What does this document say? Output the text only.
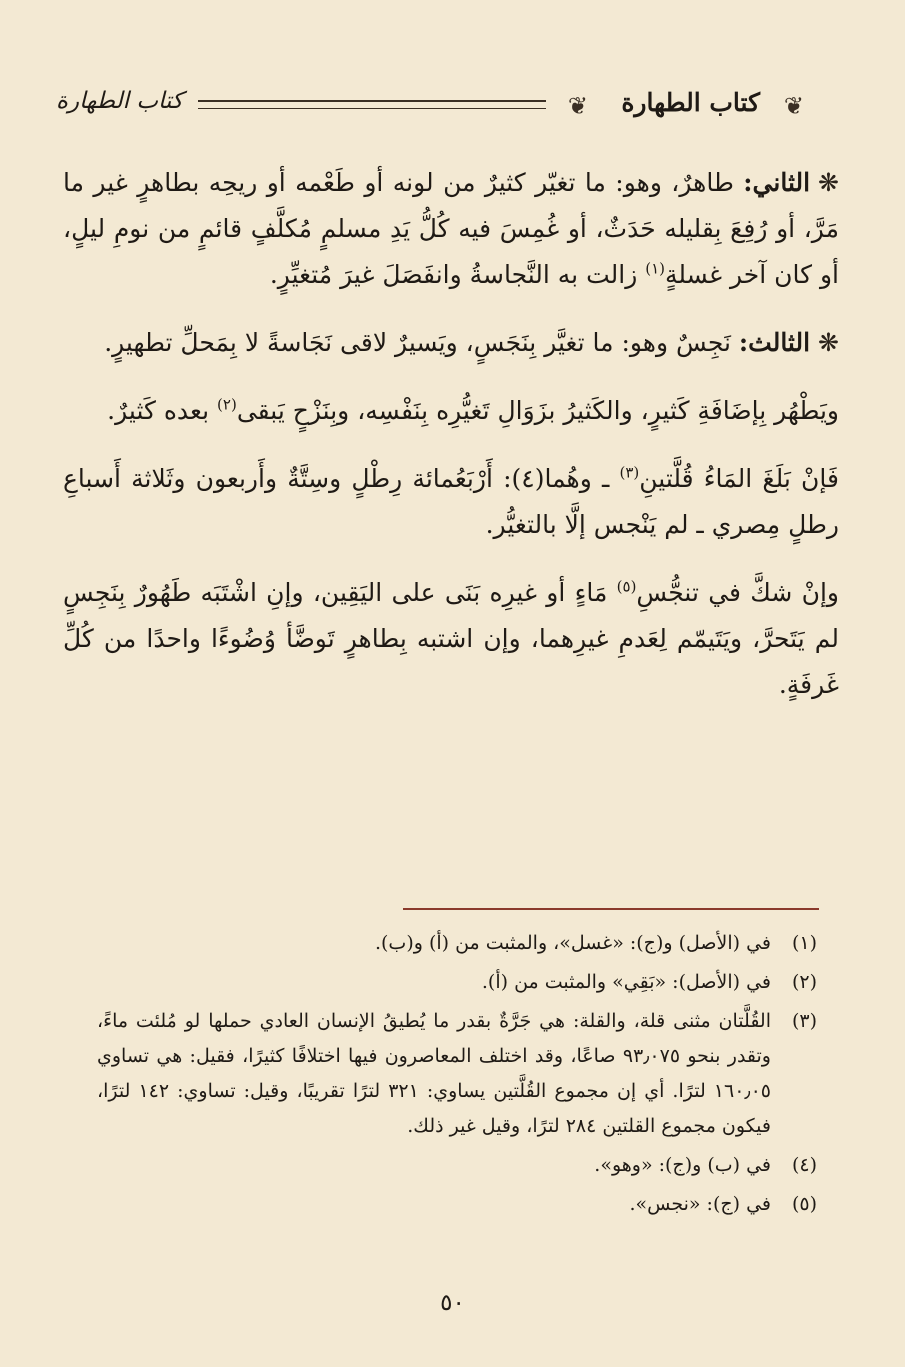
❦
كتاب الطهارة
❦
كتاب الطهارة

❋الثاني: طاهرٌ، وهو: ما تغيّر كثيرٌ من لونه أو طَعْمه أو ريحِه بطاهرٍ غير ما مَرَّ، أو رُفِعَ بِقليله حَدَثٌ، أو غُمِسَ فيه كُلُّ يَدِ مسلمٍ مُكلَّفٍ قائمٍ من نومِ ليلٍ، أو كان آخر غسلةٍ$^{(١)}$ زالت به النَّجاسةُ وانفَصَلَ غيرَ مُتغيِّرٍ.

❋الثالث: نَجِسٌ وهو: ما تغيَّر بِنَجَسٍ، ويَسيرٌ لاقى نَجَاسةً لا بِمَحلِّ تطهيرٍ.

ويَطْهُر بِإضَافَةِ كَثيرٍ، والكَثيرُ بزَوَالِ تَغيُّرِه بِنَفْسِه، وبِنَزْحٍ يَبقى$^{(٢)}$ بعده كَثيرٌ.

فَإنْ بَلَغَ المَاءُ قُلَّتينِ$^{(٣)}$ ـ وهُما(٤): أَرْبَعُمائة رِطْلٍ وسِتَّةٌ وأَربعون وثَلاثة أَسباعِ رطلٍ مِصري ـ لم يَنْجس إلَّا بالتغيُّر.

وإنْ شكَّ في تنجُّسِ$^{(٥)}$ مَاءٍ أو غيرِه بَنَى على اليَقِين، وإنِ اشْتَبَه طَهُورٌ بِنَجِسٍ لم يَتَحرَّ، ويَتَيمّم لِعَدمِ غيرِهما، وإن اشتبه بِطاهرٍ تَوضَّأ وُضُوءًا واحدًا من كُلِّ غَرفَةٍ.

(١)
في (الأصل) و(ج): «غسل»، والمثبت من (أ) و(ب).
(٢)
في (الأصل): «بَقِي» والمثبت من (أ).
(٣)
القُلَّتان مثنى قلة، والقلة: هي جَرَّةٌ بقدر ما يُطيقُ الإنسان العادي حملها لو مُلئت ماءً، وتقدر بنحو ٩٣٫٠٧٥ صاعًا، وقد اختلف المعاصرون فيها اختلافًا كثيرًا، فقيل: هي تساوي ١٦٠٫٠٥ لترًا. أي إن مجموع القُلَّتين يساوي: ٣٢١ لترًا تقريبًا، وقيل: تساوي: ١٤٢ لترًا، فيكون مجموع القلتين ٢٨٤ لترًا، وقيل غير ذلك.
(٤)
في (ب) و(ج): «وهو».
(٥)
في (ج): «نجس».
٥٠
